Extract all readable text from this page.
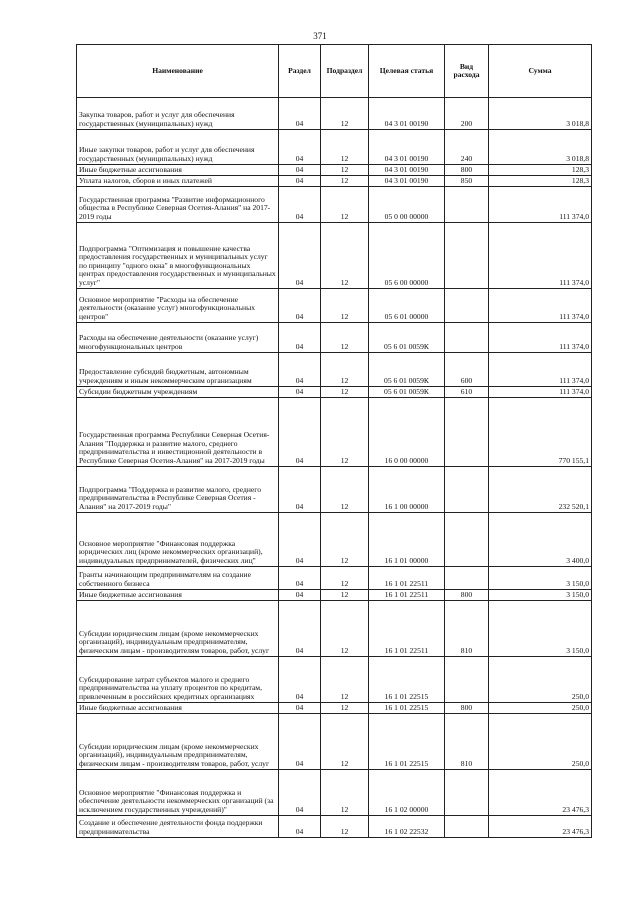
371
Наименование	Раздел	Подраздел	Целевая статья	Вид расхода	Сумма
Закупка товаров, работ и услуг для обеспечения государственных (муниципальных) нужд	04	12	04 3 01 00190	200	3 018,8
Иные закупки товаров, работ и услуг для обеспечения государственных (муниципальных) нужд	04	12	04 3 01 00190	240	3 018,8
Иные бюджетные ассигнования	04	12	04 3 01 00190	800	128,3
Уплата налогов, сборов и иных платежей	04	12	04 3 01 00190	850	128,3
Государственная программа "Развитие информационного общества в Республике Северная Осетия-Алания" на 2017-2019 годы	04	12	05 0 00 00000		111 374,0
Подпрограмма "Оптимизация и повышение качества предоставления государственных и муниципальных услуг по принципу "одного окна" в многофункциональных центрах предоставления государственных и муниципальных услуг"	04	12	05 6 00 00000		111 374,0
Основное мероприятие "Расходы на обеспечение деятельности (оказание услуг) многофункциональных центров"	04	12	05 6 01 00000		111 374,0
Расходы на обеспечение деятельности (оказание услуг) многофункциональных центров	04	12	05 6 01 0059К		111 374,0
Предоставление субсидий бюджетным, автономным учреждениям и иным некоммерческим организациям	04	12	05 6 01 0059К	600	111 374,0
Субсидии бюджетным учреждениям	04	12	05 6 01 0059К	610	111 374,0
Государственная программа Республики Северная Осетия-Алания "Поддержка и развитие малого, среднего предпринимательства и инвестиционной деятельности в Республике Северная Осетия-Алания" на 2017-2019 годы	04	12	16 0 00 00000		770 155,1
Подпрограмма "Поддержка и развитие малого, среднего предпринимательства в Республике Северная Осетия - Алания" на 2017-2019 годы"	04	12	16 1 00 00000		232 520,1
Основное мероприятие "Финансовая поддержка юридических лиц (кроме некоммерческих организаций), индивидуальных предпринимателей, физических лиц"	04	12	16 1 01 00000		3 400,0
Гранты начинающим предпринимателям на создание собственного бизнеса	04	12	16 1 01 22511		3 150,0
Иные бюджетные ассигнования	04	12	16 1 01 22511	800	3 150,0
Субсидии юридическим лицам (кроме некоммерческих организаций), индивидуальным предпринимателям, физическим лицам - производителям товаров, работ, услуг	04	12	16 1 01 22511	810	3 150,0
Субсидирование затрат субъектов малого и среднего предпринимательства на уплату процентов по кредитам, привлеченным в российских кредитных организациях	04	12	16 1 01 22515		250,0
Иные бюджетные ассигнования	04	12	16 1 01 22515	800	250,0
Субсидии юридическим лицам (кроме некоммерческих организаций), индивидуальным предпринимателям, физическим лицам - производителям товаров, работ, услуг	04	12	16 1 01 22515	810	250,0
Основное мероприятие "Финансовая поддержка и обеспечение деятельности некоммерческих организаций (за исключением государственных учреждений)"	04	12	16 1 02 00000		23 476,3
Создание и обеспечение деятельности фонда поддержки предпринимательства	04	12	16 1 02 22532		23 476,3
